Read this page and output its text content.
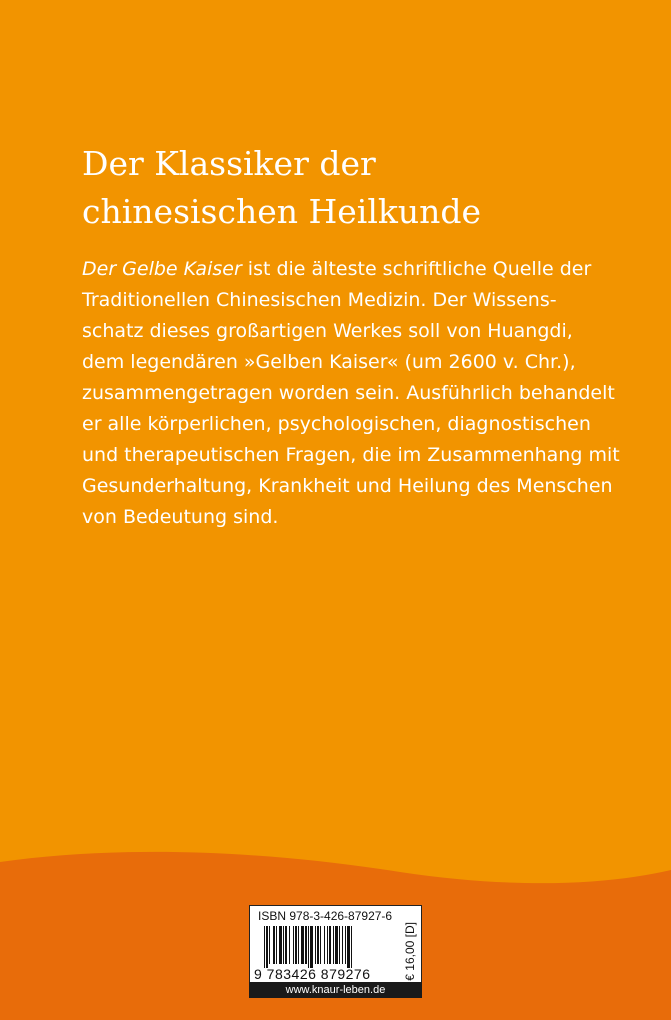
Der Klassiker der
chinesischen Heilkunde

Der Gelbe Kaiser ist die älteste schriftliche Quelle der
Traditionellen Chinesischen Medizin. Der Wissens-
schatz dieses großartigen Werkes soll von Huangdi,
dem legendären »Gelben Kaiser« (um 2600 v. Chr.),
zusammengetragen worden sein. Ausführlich behandelt
er alle körperlichen, psychologischen, diagnostischen
und therapeutischen Fragen, die im Zusammenhang mit
Gesunderhaltung, Krankheit und Heilung des Menschen
von Bedeutung sind.

ISBN 978-3-426-87927-6
9 783426 879276	€ 16,00 [D]
www.knaur-leben.de
